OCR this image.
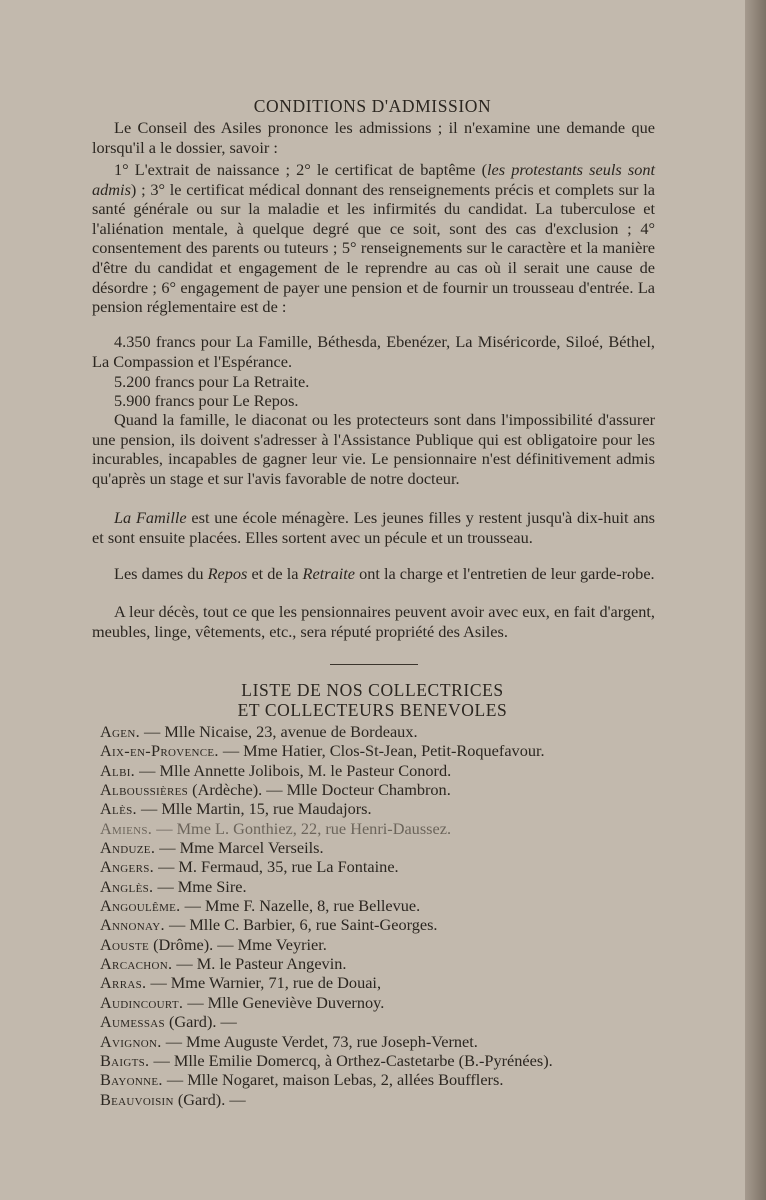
CONDITIONS D'ADMISSION

Le Conseil des Asiles prononce les admissions ; il n'examine une demande que lorsqu'il a le dossier, savoir :

1° L'extrait de naissance ; 2° le certificat de baptême (les protestants seuls sont admis) ; 3° le certificat médical donnant des renseignements précis et complets sur la santé générale ou sur la maladie et les infirmités du candidat. La tuberculose et l'aliénation mentale, à quelque degré que ce soit, sont des cas d'exclusion ; 4° consentement des parents ou tuteurs ; 5° renseignements sur le caractère et la manière d'être du candidat et engagement de le reprendre au cas où il serait une cause de désordre ; 6° engagement de payer une pension et de fournir un trousseau d'entrée. La pension réglementaire est de :

4.350 francs pour La Famille, Béthesda, Ebenézer, La Miséricorde, Siloé, Béthel, La Compassion et l'Espérance.

5.200 francs pour La Retraite.

5.900 francs pour Le Repos.

Quand la famille, le diaconat ou les protecteurs sont dans l'impossibilité d'assurer une pension, ils doivent s'adresser à l'Assistance Publique qui est obligatoire pour les incurables, incapables de gagner leur vie. Le pensionnaire n'est définitivement admis qu'après un stage et sur l'avis favorable de notre docteur.

La Famille est une école ménagère. Les jeunes filles y restent jusqu'à dix-huit ans et sont ensuite placées. Elles sortent avec un pécule et un trousseau.

Les dames du Repos et de la Retraite ont la charge et l'entretien de leur garde-robe.

A leur décès, tout ce que les pensionnaires peuvent avoir avec eux, en fait d'argent, meubles, linge, vêtements, etc., sera réputé propriété des Asiles.

LISTE DE NOS COLLECTRICES
ET COLLECTEURS BENEVOLES
Agen. — Mlle Nicaise, 23, avenue de Bordeaux.
Aix-en-Provence. — Mme Hatier, Clos-St-Jean, Petit-Roquefavour.
Albi. — Mlle Annette Jolibois, M. le Pasteur Conord.
Alboussières (Ardèche). — Mlle Docteur Chambron.
Alès. — Mlle Martin, 15, rue Maudajors.
Amiens. — Mme L. Gonthiez, 22, rue Henri-Daussez.
Anduze. — Mme Marcel Verseils.
Angers. — M. Fermaud, 35, rue La Fontaine.
Anglès. — Mme Sire.
Angoulême. — Mme F. Nazelle, 8, rue Bellevue.
Annonay. — Mlle C. Barbier, 6, rue Saint-Georges.
Aouste (Drôme). — Mme Veyrier.
Arcachon. — M. le Pasteur Angevin.
Arras. — Mme Warnier, 71, rue de Douai,
Audincourt. — Mlle Geneviève Duvernoy.
Aumessas (Gard). —
Avignon. — Mme Auguste Verdet, 73, rue Joseph-Vernet.
Baigts. — Mlle Emilie Domercq, à Orthez-Castetarbe (B.-Pyrénées).
Bayonne. — Mlle Nogaret, maison Lebas, 2, allées Boufflers.
Beauvoisin (Gard). —
